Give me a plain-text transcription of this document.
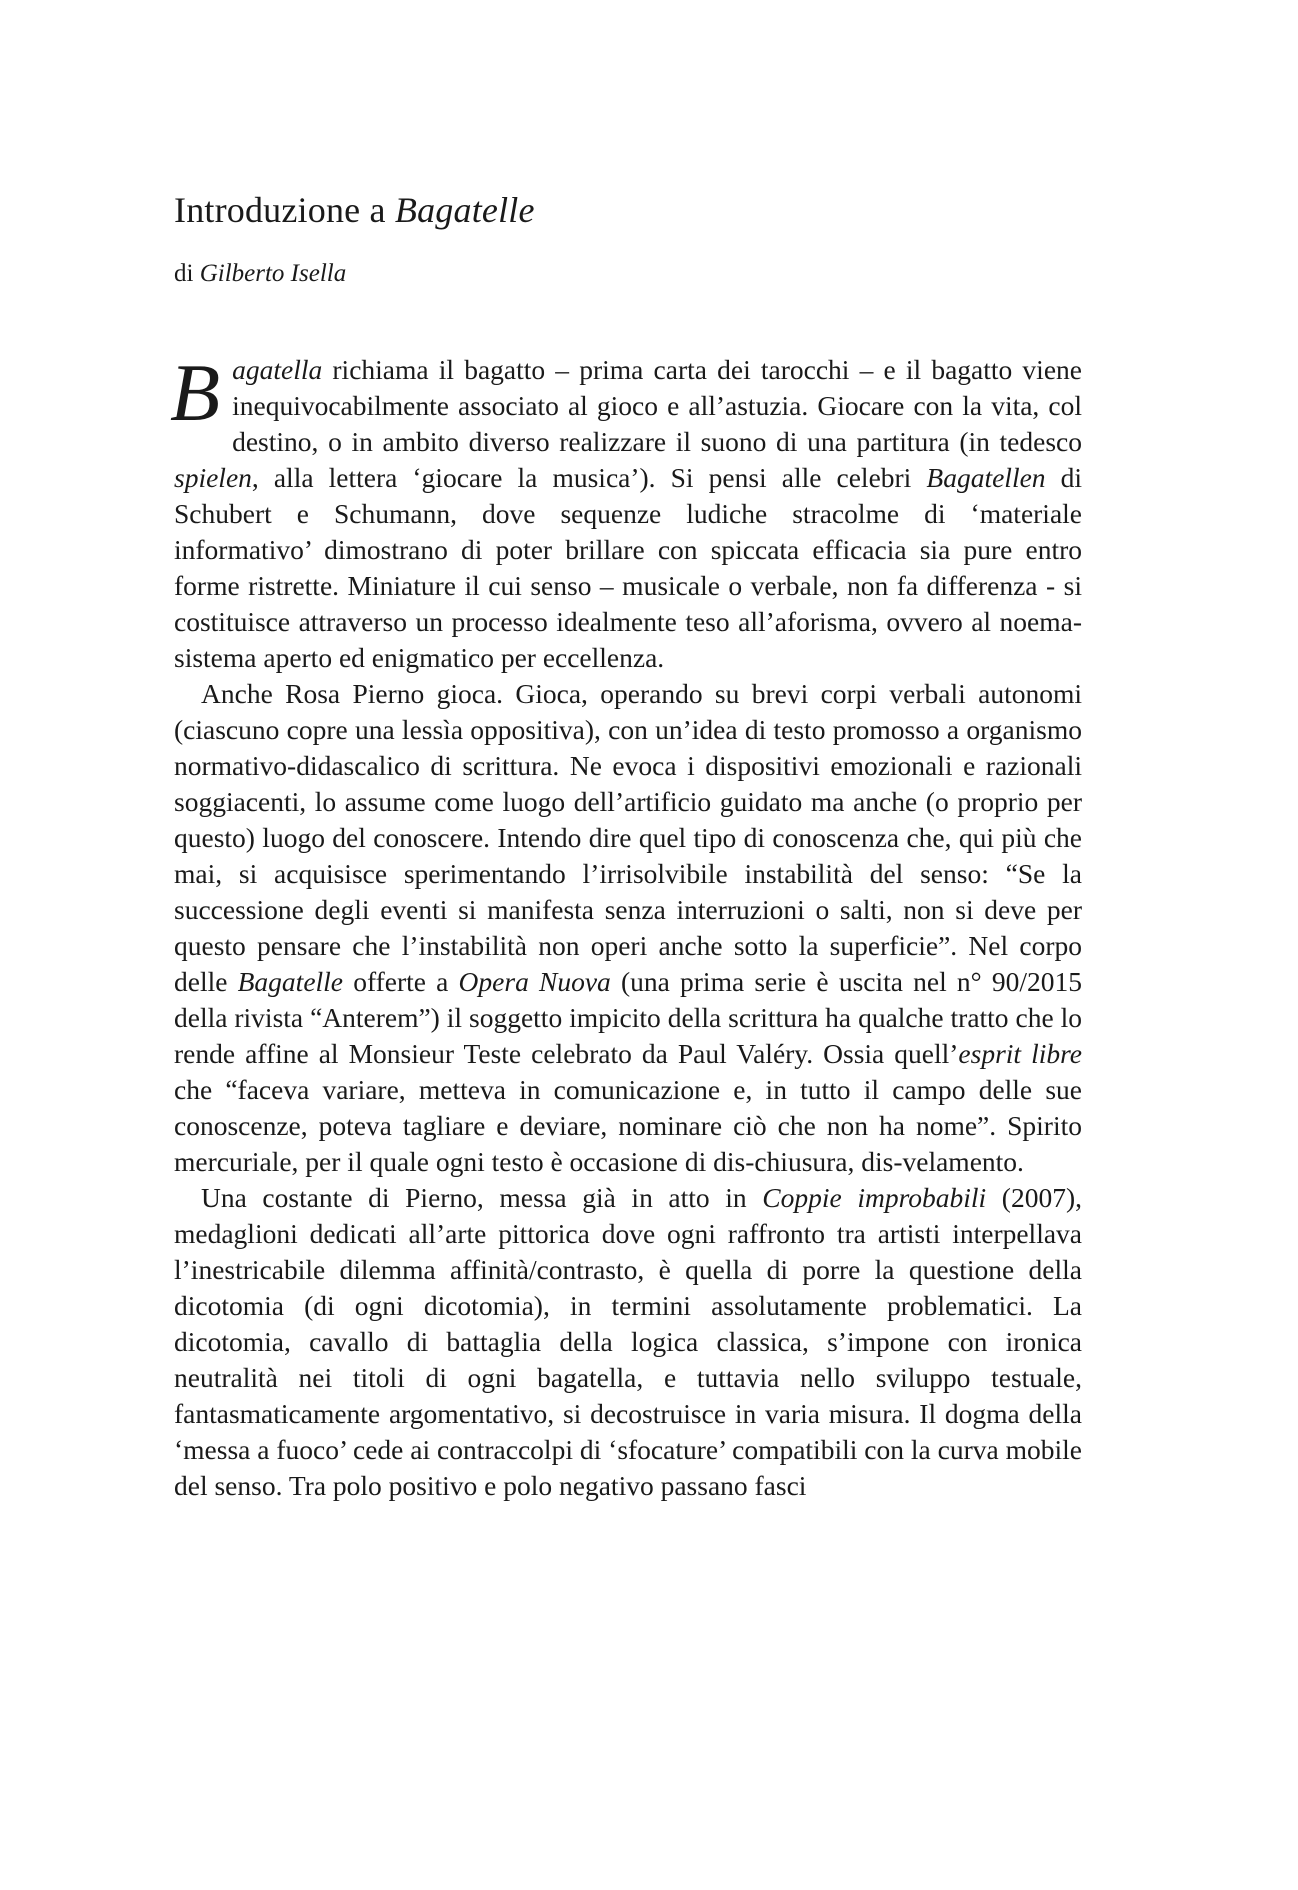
Introduzione a Bagatelle

di Gilberto Isella

Bagatella richiama il bagatto – prima carta dei tarocchi – e il bagatto viene inequivocabilmente associato al gioco e all’astuzia. Giocare con la vita, col destino, o in ambito diverso realizzare il suono di una partitura (in tedesco spielen, alla lettera ‘giocare la musica’). Si pensi alle celebri Bagatellen di Schubert e Schumann, dove sequenze ludiche stracolme di ‘materiale informativo’ dimostrano di poter brillare con spiccata efficacia sia pure entro forme ristrette. Miniature il cui senso – musicale o verbale, non fa differenza - si costituisce attraverso un processo idealmente teso all’aforisma, ovvero al noema-sistema aperto ed enigmatico per eccellenza.

Anche Rosa Pierno gioca. Gioca, operando su brevi corpi verbali autonomi (ciascuno copre una lessìa oppositiva), con un’idea di testo promosso a organismo normativo-didascalico di scrittura. Ne evoca i dispositivi emozionali e razionali soggiacenti, lo assume come luogo dell’artificio guidato ma anche (o proprio per questo) luogo del conoscere. Intendo dire quel tipo di conoscenza che, qui più che mai, si acquisisce sperimentando l’irrisolvibile instabilità del senso: “Se la successione degli eventi si manifesta senza interruzioni o salti, non si deve per questo pensare che l’instabilità non operi anche sotto la superficie”. Nel corpo delle Bagatelle offerte a Opera Nuova (una prima serie è uscita nel n° 90/2015 della rivista “Anterem”) il soggetto impicito della scrittura ha qualche tratto che lo rende affine al Monsieur Teste celebrato da Paul Valéry. Ossia quell’esprit libre che “faceva variare, metteva in comunicazione e, in tutto il campo delle sue conoscenze, poteva tagliare e deviare, nominare ciò che non ha nome”. Spirito mercuriale, per il quale ogni testo è occasione di dis-chiusura, dis-velamento.

Una costante di Pierno, messa già in atto in Coppie improbabili (2007), medaglioni dedicati all’arte pittorica dove ogni raffronto tra artisti interpellava l’inestricabile dilemma affinità/contrasto, è quella di porre la questione della dicotomia (di ogni dicotomia), in termini assolutamente problematici. La dicotomia, cavallo di battaglia della logica classica, s’impone con ironica neutralità nei titoli di ogni bagatella, e tuttavia nello sviluppo testuale, fantasmaticamente argomentativo, si decostruisce in varia misura. Il dogma della ‘messa a fuoco’ cede ai contraccolpi di ‘sfocature’ compatibili con la curva mobile del senso. Tra polo positivo e polo negativo passano fasci
